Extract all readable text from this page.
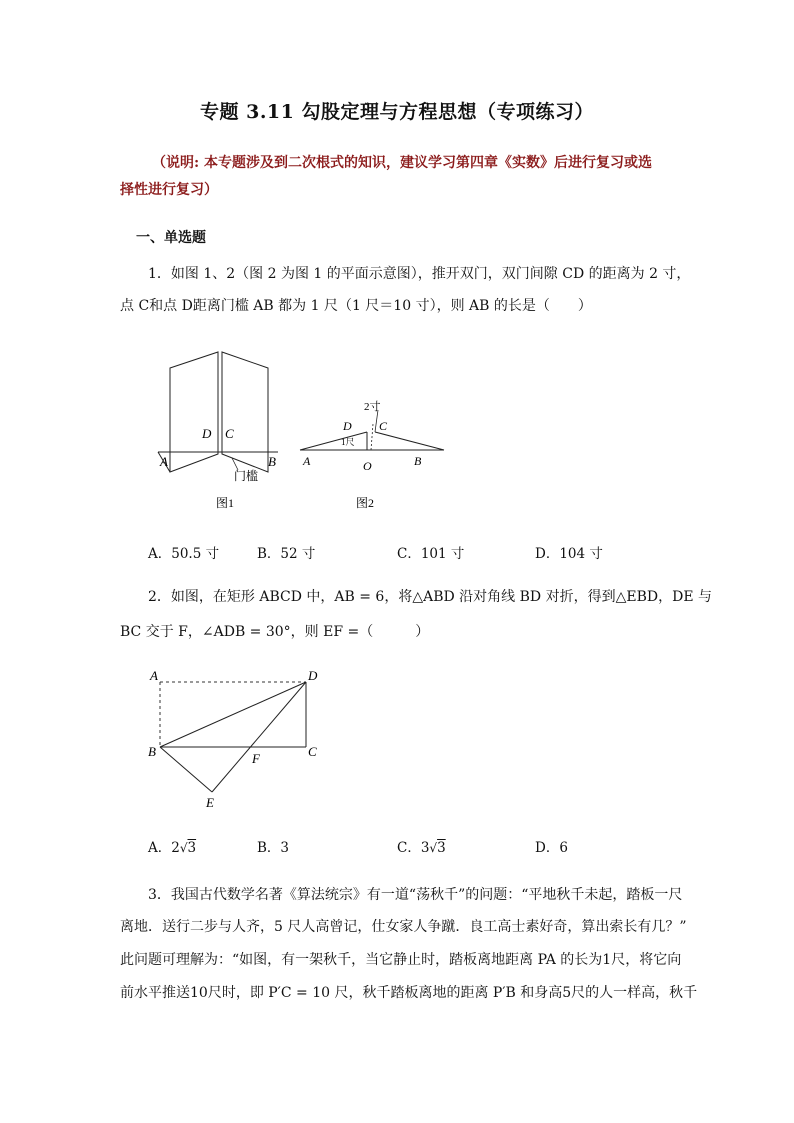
专题 3.11 勾股定理与方程思想（专项练习）
（说明: 本专题涉及到二次根式的知识，建议学习第四章《实数》后进行复习或选
择性进行复习）
一、单选题
1．如图 1、2（图 2 为图 1 的平面示意图），推开双门，双门间隙 CD 的距离为 2 寸，
点 C和点 D距离门槛 AB 都为 1 尺（1 尺＝10 寸），则 AB 的长是（　　）
D C
A	B
门槛
图1
2寸
D C
1尺
A	B
O
图2
A．50.5 寸	B．52 寸	C．101 寸	D．104 寸
2．如图，在矩形 ABCD 中，AB = 6，将△ABD 沿对角线 BD 对折，得到△EBD，DE 与
BC 交于 F，∠ADB = 30°，则 EF =（　　　）
A	D
B	C
F
E
A．2√3	B．3	C．3√3	D．6
3．我国古代数学名著《算法统宗》有一道“荡秋千”的问题：“平地秋千未起，踏板一尺
离地．送行二步与人齐，5 尺人高曾记，仕女家人争蹴．良工高士素好奇，算出索长有几？”
此问题可理解为：“如图，有一架秋千，当它静止时，踏板离地距离 PA 的长为1尺，将它向
前水平推送10尺时，即 P′C = 10 尺，秋千踏板离地的距离 P′B 和身高5尺的人一样高，秋千
